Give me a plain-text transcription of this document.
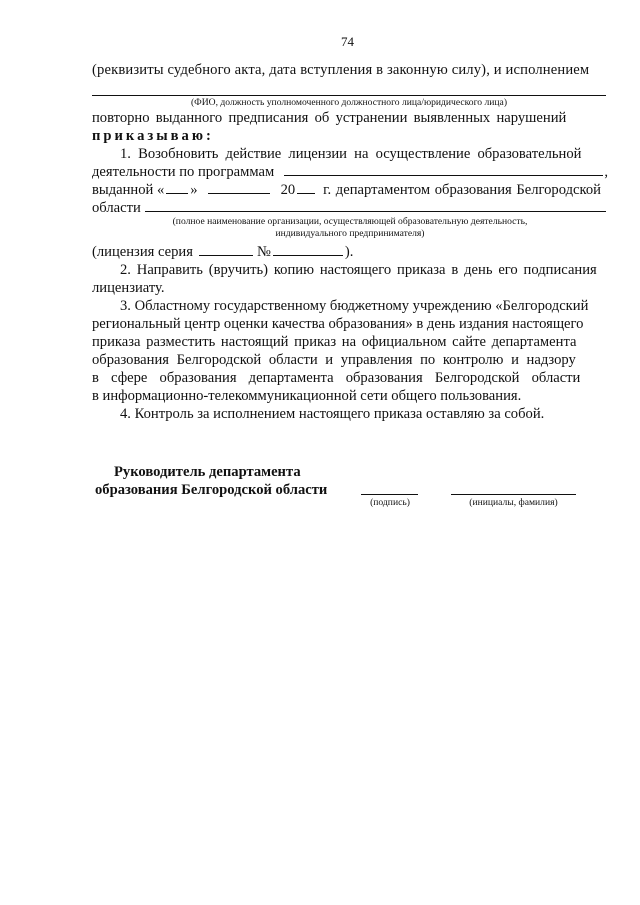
74
(реквизиты судебного акта, дата вступления в законную силу), и исполнением
(ФИО, должность уполномоченного должностного лица/юридического лица)
повторно выданного предписания об устранении выявленных нарушений
приказываю:
1. Возобновить действие лицензии на осуществление образовательной
деятельности по программам	,
выданной « »	20 г. департаментом образования Белгородской
области
(полное наименование организации, осуществляющей образовательную деятельность,
индивидуального предпринимателя)
(лицензия серия	№	).
2. Направить (вручить) копию настоящего приказа в день его подписания
лицензиату.
3. Областному государственному бюджетному учреждению «Белгородский
региональный центр оценки качества образования» в день издания настоящего
приказа разместить настоящий приказ на официальном сайте департамента
образования Белгородской области и управления по контролю и надзору
в сфере образования департамента образования Белгородской области
в информационно-телекоммуникационной сети общего пользования.
4. Контроль за исполнением настоящего приказа оставляю за собой.
Руководитель департамента
образования Белгородской области
(подпись)	(инициалы, фамилия)
